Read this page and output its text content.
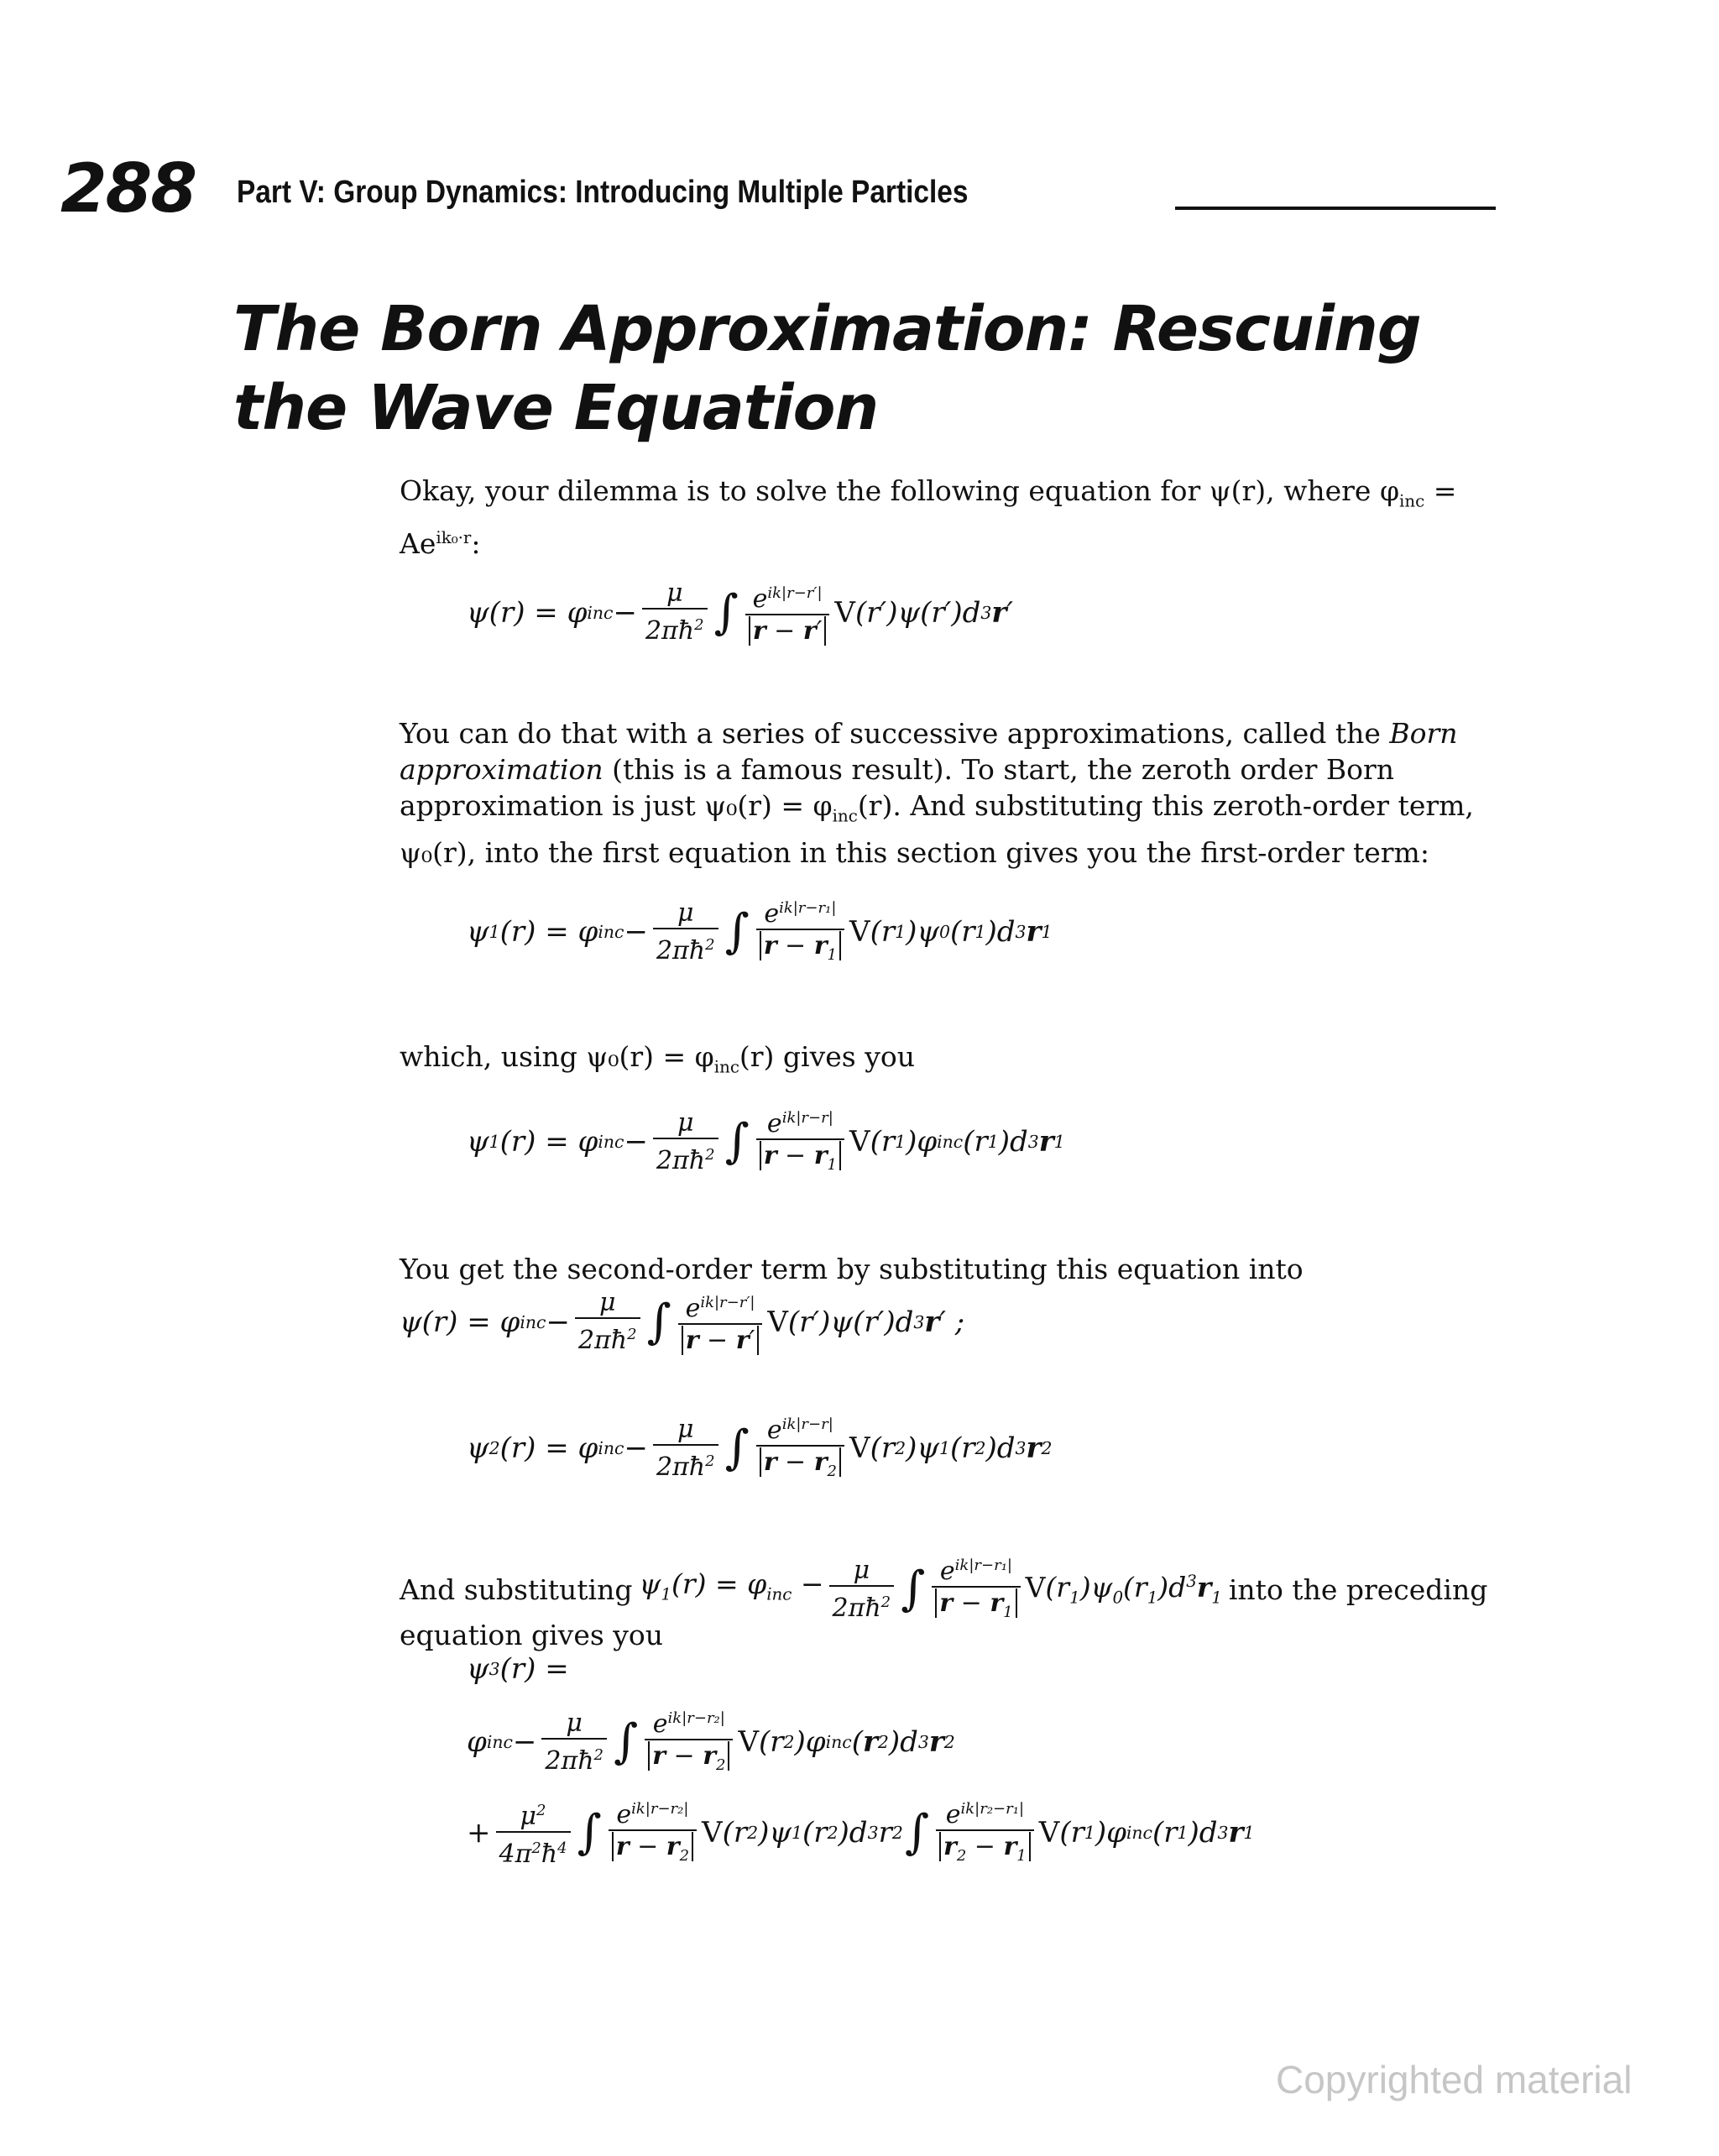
288 Part V: Group Dynamics: Introducing Multiple Particles
The Born Approximation: Rescuing
the Wave Equation
Okay, your dilemma is to solve the following equation for ψ(r), where $\varphi_{inc}$ =
$Ae^{ik_0\cdot r}$:
ψ( r ) = φ inc − $\frac{\mu}{2\pi ħ^2}$ ∫ $\frac{e^{ik|r-r'|}}{r - r'}$ V (r′)ψ(r′)d 3 r ′
You can do that with a series of successive approximations, called the Born approximation (this is a famous result). To start, the zeroth order Born approximation is just $\psi_0(r) = \varphi_{inc}(r)$. And substituting this zeroth-order term, ψ₀(r), into the first equation in this section gives you the first-order term:
ψ 1 (r) = φ inc − $\frac{\mu}{2\pi ħ^2}$ ∫ $\frac{e^{ik|r-r_1|}}{r - r_1}$ V (r 1 )ψ 0 (r 1 )d 3 r 1
which, using $\psi_0(r) = \varphi_{inc}(r)$ gives you
ψ 1 (r) = φ inc − $\frac{\mu}{2\pi ħ^2}$ ∫ $\frac{e^{ik|r-r|}}{r - r_1}$ V (r 1 )φ inc (r 1 )d 3 r 1
You get the second-order term by substituting this equation into
ψ(r) = φ inc − $\frac{\mu}{2\pi ħ^2}$ ∫ $\frac{e^{ik|r-r'|}}{r - r'}$ V (r′)ψ(r′)d 3 r ′ ;
ψ 2 (r) = φ inc − $\frac{\mu}{2\pi ħ^2}$ ∫ $\frac{e^{ik|r-r|}}{r - r_2}$ V (r 2 )ψ 1 (r 2 )d 3 r 2
And substituting $\psi_1(r) = \varphi_{inc} - \frac{\mu}{2\pi ħ^2}$ ∫ $\frac{e^{ik|r-r_1|}}{r - r_1} V(r_1)\psi_0(r_1)d^3r_1$ into the preceding
equation gives you
ψ 3 (r) =
φ inc − $\frac{\mu}{2\pi ħ^2}$ ∫ $\frac{e^{ik|r-r_2|}}{r - r_2}$ V (r 2 )φ inc ( r 2 )d 3 r 2
+ $\frac{\mu^2}{4\pi^2ħ^4}$ ∫ $\frac{e^{ik|r-r_2|}}{r - r_2}$ V (r 2 )ψ 1 (r 2 )d 3 r 2 ∫ $\frac{e^{ik|r_2-r_1|}}{r_2 - r_1}$ V (r 1 )φ inc (r 1 )d 3 r 1
Copyrighted material
